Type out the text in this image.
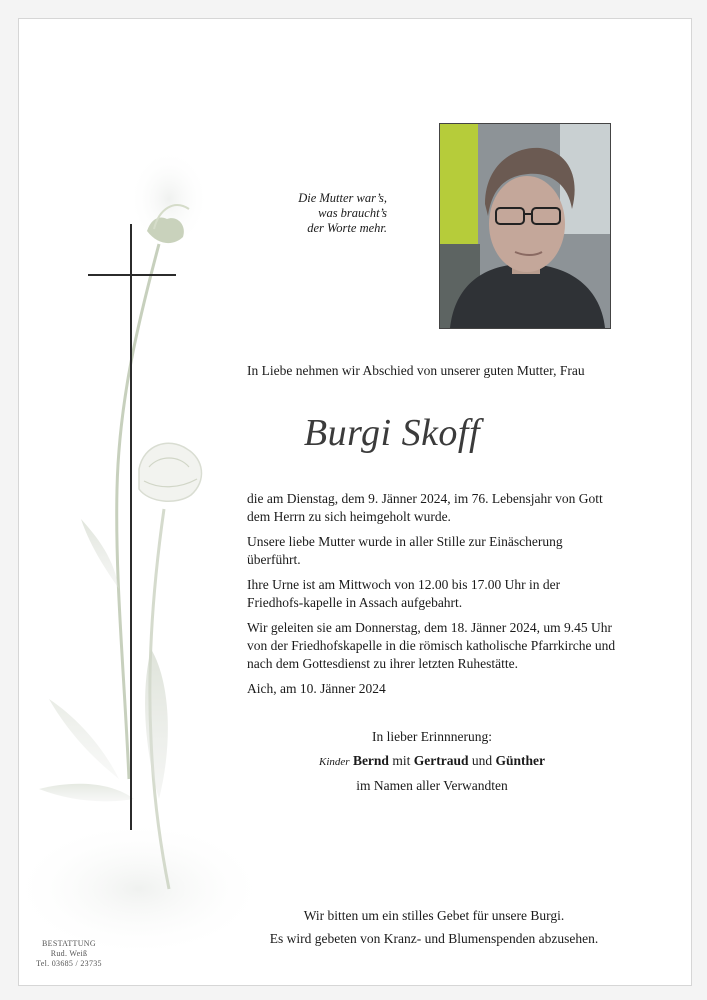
Die Mutter war’s,
was braucht’s
der Worte mehr.
In Liebe nehmen wir Abschied von unserer guten Mutter, Frau
Burgi Skoff

die am Dienstag, dem 9. Jänner 2024, im 76. Lebensjahr von Gott dem Herrn zu sich heimgeholt wurde.

Unsere liebe Mutter wurde in aller Stille zur Einäscherung überführt.

Ihre Urne ist am Mittwoch von 12.00 bis 17.00 Uhr in der Friedhofs-kapelle in Assach aufgebahrt.

Wir geleiten sie am Donnerstag, dem 18. Jänner 2024, um 9.45 Uhr von der Friedhofskapelle in die römisch katholische Pfarrkirche und nach dem Gottesdienst zu ihrer letzten Ruhestätte.

Aich, am 10. Jänner 2024

In lieber Erinnnerung:
Kinder Bernd mit Gertraud und Günther
im Namen aller Verwandten
Wir bitten um ein stilles Gebet für unsere Burgi.
Es wird gebeten von Kranz- und Blumenspenden abzusehen.
BESTATTUNG
Rud. Weiß
Tel. 03685 / 23735
